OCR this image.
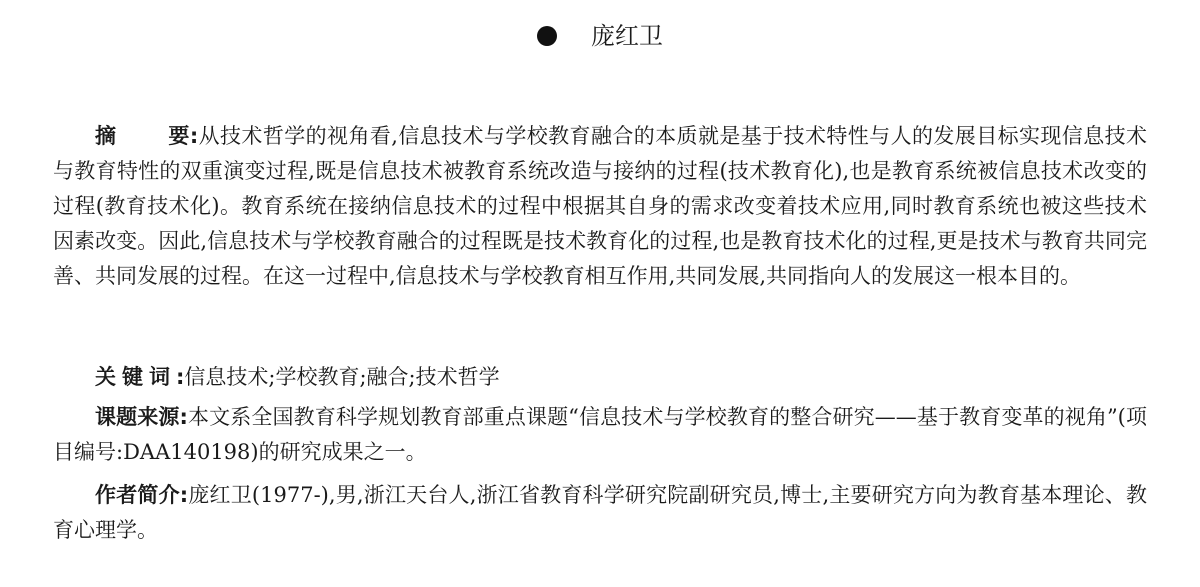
庞红卫

摘 要:从技术哲学的视角看,信息技术与学校教育融合的本质就是基于技术特性与人的发展目标实现信息技术与教育特性的双重演变过程,既是信息技术被教育系统改造与接纳的过程(技术教育化),也是教育系统被信息技术改变的过程(教育技术化)。教育系统在接纳信息技术的过程中根据其自身的需求改变着技术应用,同时教育系统也被这些技术因素改变。因此,信息技术与学校教育融合的过程既是技术教育化的过程,也是教育技术化的过程,更是技术与教育共同完善、共同发展的过程。在这一过程中,信息技术与学校教育相互作用,共同发展,共同指向人的发展这一根本目的。

关键词:信息技术;学校教育;融合;技术哲学

课题来源:本文系全国教育科学规划教育部重点课题“信息技术与学校教育的整合研究——基于教育变革的视角”(项目编号:DAA140198)的研究成果之一。

作者简介:庞红卫(1977-),男,浙江天台人,浙江省教育科学研究院副研究员,博士,主要研究方向为教育基本理论、教育心理学。
